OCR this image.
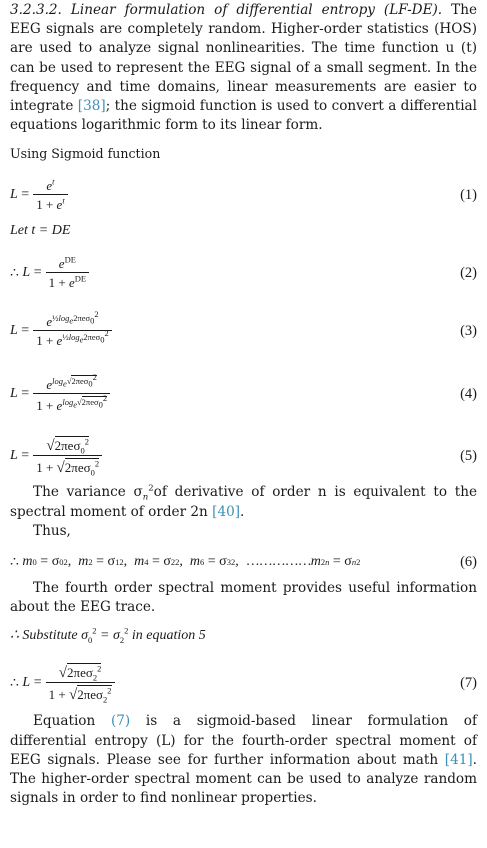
3.2.3.2. Linear formulation of differential entropy (LF-DE). The EEG signals are completely random. Higher-order statistics (HOS) are used to analyze signal nonlinearities. The time function u (t) can be used to represent the EEG signal of a small segment. In the frequency and time domains, linear measurements are easier to integrate [38]; the sigmoid function is used to convert a differential equations logarithmic form to its linear form.

Using Sigmoid function

$L = \frac{e^t}{1 + e^t}$	(1)

Let t = DE

∴ $L = \frac{e^{DE}}{1 + e^{DE}}$	(2)
$L = \frac{e^{\frac{1}{2}log_e2\pi e\sigma_0^2}}{1 + e^{\frac{1}{2}log_e2\pi e\sigma_0^2}}$	(3)
$L = \frac{e^{log_e√2\pi e\sigma_0^2}}{1 + e^{log_e√2\pi e\sigma_0^2}}$	(4)
$L = \frac{√2\pi e\sigma_0^2}{1 + √2\pi e\sigma_0^2}$	(5)

The variance $\sigma_n^2of$ derivative of order n is equivalent to the spectral moment of order 2n [40].

Thus,

∴ m 0 = σ 0 2 , m 2 = σ 1 2 , m 4 = σ 2 2 , m 6 = σ 3 2 , …………… m 2n = σ n 2	(6)

The fourth order spectral moment provides useful information about the EEG trace.

∴ Substitute $\sigma_0^2 = \sigma_2^2$ in equation 5

∴ $L = \frac{√2\pi e\sigma_2^2}{1 + √2\pi e\sigma_2^2}$	(7)

Equation (7) is a sigmoid-based linear formulation of differential entropy (L) for the fourth-order spectral moment of EEG signals. Please see for further information about math [41]. The higher-order spectral moment can be used to analyze random signals in order to find nonlinear properties.
